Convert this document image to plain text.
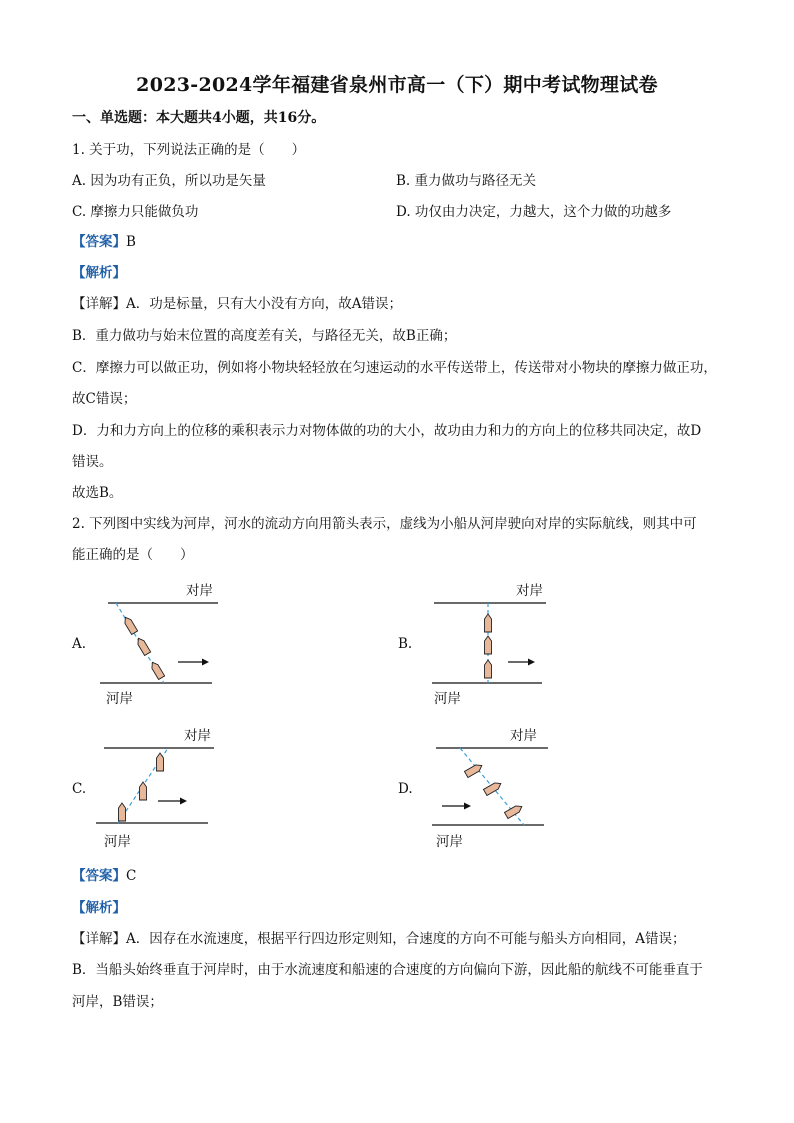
2023-2024学年福建省泉州市高一（下）期中考试物理试卷
一、单选题：本大题共4小题，共16分。
1. 关于功，下列说法正确的是（　　）
A. 因为功有正负，所以功是矢量	B. 重力做功与路径无关
C. 摩擦力只能做负功	D. 功仅由力决定，力越大，这个力做的功越多
【答案】B
【解析】
【详解】A．功是标量，只有大小没有方向，故A错误；
B．重力做功与始末位置的高度差有关，与路径无关，故B正确；
C．摩擦力可以做正功，例如将小物块轻轻放在匀速运动的水平传送带上，传送带对小物块的摩擦力做正功，
故C错误；
D．力和力方向上的位移的乘积表示力对物体做的功的大小，故功由力和力的方向上的位移共同决定，故D
错误。
故选B。
2. 下列图中实线为河岸，河水的流动方向用箭头表示，虚线为小船从河岸驶向对岸的实际航线，则其中可
能正确的是（　　）
A.
对岸
河岸
B.
对岸
河岸
C.
对岸
河岸
D.
对岸
河岸
【答案】C
【解析】
【详解】A．因存在水流速度，根据平行四边形定则知，合速度的方向不可能与船头方向相同，A错误；
B．当船头始终垂直于河岸时，由于水流速度和船速的合速度的方向偏向下游，因此船的航线不可能垂直于
河岸，B错误；
